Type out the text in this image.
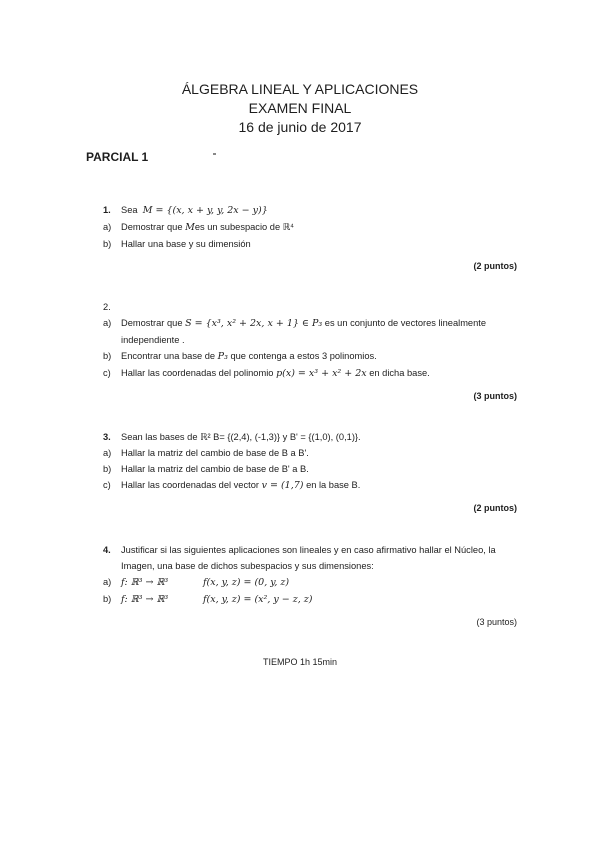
ÁLGEBRA LINEAL Y APLICACIONES
EXAMEN FINAL
16 de junio de 2017
PARCIAL 1
1.	Sea M = {(x, x + y, y, 2x − y)}
a)	Demostrar que Mes un subespacio de ℝ⁴
b)	Hallar una base y su dimensión
(2 puntos)
2.
a)	Demostrar que S = {x³, x² + 2x, x + 1} ∈ P₃ es un conjunto de vectores linealmente independiente .
b)	Encontrar una base de P₃ que contenga a estos 3 polinomios.
c)	Hallar las coordenadas del polinomio p(x) = x³ + x² + 2x en dicha base.
(3 puntos)
3.	Sean las bases de ℝ² B= {(2,4), (-1,3)} y B' = {(1,0), (0,1)}.
a)	Hallar la matriz del cambio de base de B a B'.
b)	Hallar la matriz del cambio de base de B' a B.
c)	Hallar las coordenadas del vector v = (1,7) en la base B.
(2 puntos)
4.	Justificar si las siguientes aplicaciones son lineales y en caso afirmativo hallar el Núcleo, la Imagen, una base de dichos subespacios y sus dimensiones:
a)	f: ℝ³ → ℝ³	f(x, y, z) = (0, y, z)
b)	f: ℝ³ → ℝ³	f(x, y, z) = (x², y − z, z)
(3 puntos)
TIEMPO 1h 15min
